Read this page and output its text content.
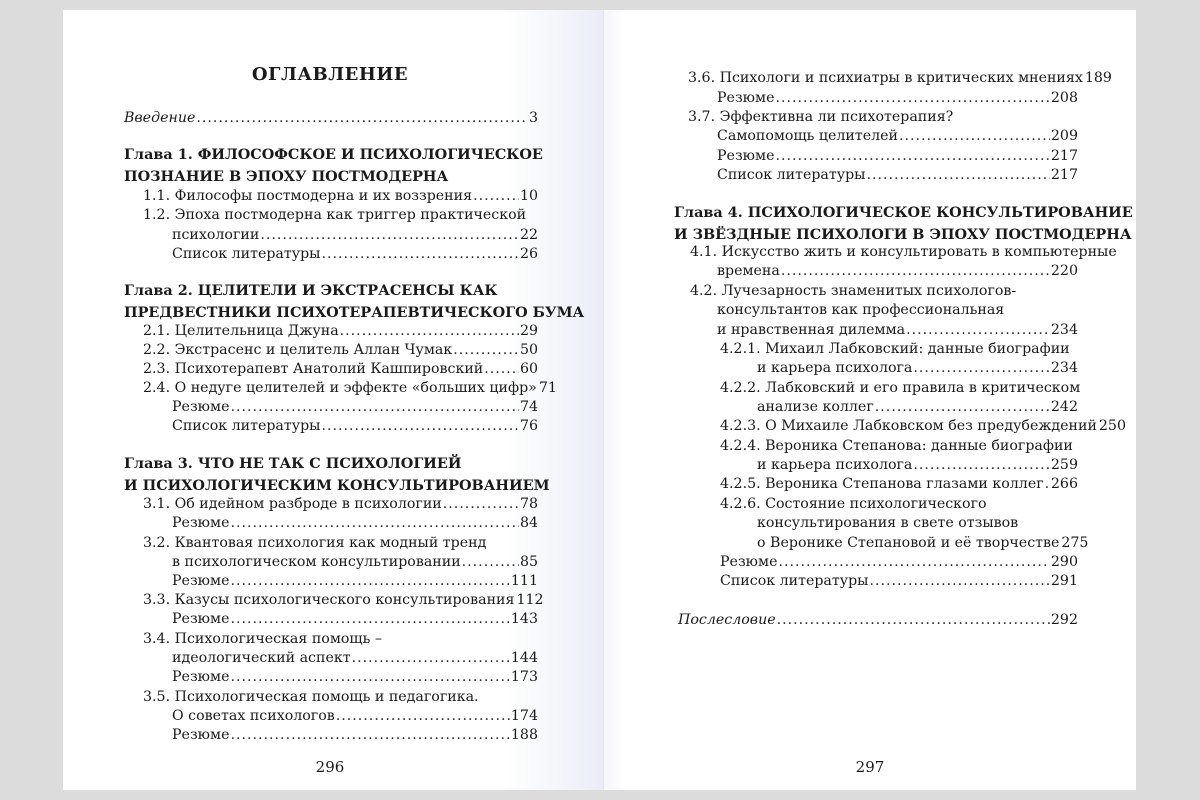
ОГЛАВЛЕНИЕ
Введение .....	3
Глава 1. ФИЛОСОФСКОЕ И ПСИХОЛОГИЧЕСКОЕ
ПОЗНАНИЕ В ЭПОХУ ПОСТМОДЕРНА
1.1. Философы постмодерна и их воззрения .....	10
1.2. Эпоха постмодерна как триггер практической
психологии .....	22
Список литературы .....	26
Глава 2. ЦЕЛИТЕЛИ И ЭКСТРАСЕНСЫ КАК
ПРЕДВЕСТНИКИ ПСИХОТЕРАПЕВТИЧЕСКОГО БУМА
2.1. Целительница Джуна .....	29
2.2. Экстрасенс и целитель Аллан Чумак .....	50
2.3. Психотерапевт Анатолий Кашпировский .....	60
2.4. О недуге целителей и эффекте «больших цифр» 71
Резюме .....	74
Список литературы .....	76
Глава 3. ЧТО НЕ ТАК С ПСИХОЛОГИЕЙ
И ПСИХОЛОГИЧЕСКИМ КОНСУЛЬТИРОВАНИЕМ
3.1. Об идейном разброде в психологии .....	78
Резюме .....	84
3.2. Квантовая психология как модный тренд
в психологическом консультировании .....	85
Резюме .....	111
3.3. Казусы психологического консультирования 112
Резюме .....	143
3.4. Психологическая помощь –
идеологический аспект .....	144
Резюме .....	173
3.5. Психологическая помощь и педагогика.
О советах психологов .....	174
Резюме .....	188
296
3.6. Психологи и психиатры в критических мнениях 189
Резюме .....	208
3.7. Эффективна ли психотерапия?
Самопомощь целителей .....	209
Резюме .....	217
Список литературы .....	217
Глава 4. ПСИХОЛОГИЧЕСКОЕ КОНСУЛЬТИРОВАНИЕ
И ЗВЁЗДНЫЕ ПСИХОЛОГИ В ЭПОХУ ПОСТМОДЕРНА
4.1. Искусство жить и консультировать в компьютерные
времена .....	220
4.2. Лучезарность знаменитых психологов-
консультантов как профессиональная
и нравственная дилемма .....	234
4.2.1. Михаил Лабковский: данные биографии
и карьера психолога .....	234
4.2.2. Лабковский и его правила в критическом
анализе коллег .....	242
4.2.3. О Михаиле Лабковском без предубеждений 250
4.2.4. Вероника Степанова: данные биографии
и карьера психолога .....	259
4.2.5. Вероника Степанова глазами коллег ..... 266
4.2.6. Состояние психологического
консультирования в свете отзывов
о Веронике Степановой и её творчестве 275
Резюме .....	290
Список литературы .....	291
Послесловие .....	292
297
